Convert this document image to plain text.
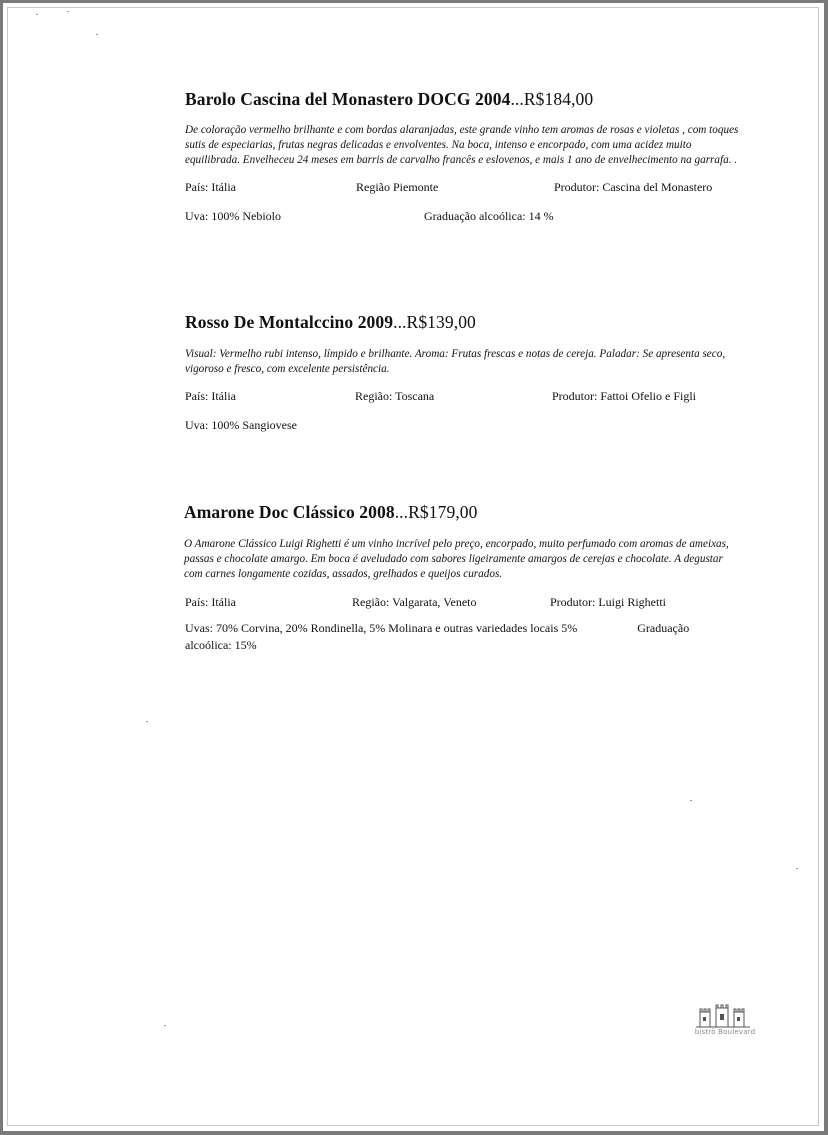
Barolo Cascina del Monastero DOCG 2004...R$184,00

De coloração vermelho brilhante e com bordas alaranjadas, este grande vinho tem aromas de rosas e violetas , com toques sutis de especiarias, frutas negras delicadas e envolventes. Na boca, intenso e encorpado, com uma acidez muito equilibrada. Envelheceu 24 meses em barris de carvalho francês e eslovenos, e mais 1 ano de envelhecimento na garrafa. .

País: Itália	Região Piemonte	Produtor: Cascina del Monastero
Uva: 100% Nebiolo	Graduação alcoólica: 14 %
Rosso De Montalccino 2009...R$139,00

Visual: Vermelho rubi intenso, límpido e brilhante. Aroma: Frutas frescas e notas de cereja. Paladar: Se apresenta seco, vigoroso e fresco, com excelente persistência.

País: Itália	Região: Toscana	Produtor: Fattoi Ofelio e Figli
Uva: 100% Sangiovese
Amarone Doc Clássico 2008...R$179,00

O Amarone Clássico Luigi Righetti é um vinho incrível pelo preço, encorpado, muito perfumado com aromas de ameixas, passas e chocolate amargo. Em boca é aveludado com sabores ligeiramente amargos de cerejas e chocolate. A degustar com carnes longamente cozidas, assados, grelhados e queijos curados.

País: Itália	Região: Valgarata, Veneto	Produtor: Luigi Righetti

Uvas: 70% Corvina, 20% Rondinella, 5% Molinara e outras variedades locais 5%                    Graduação alcoólica: 15%

bistrô Boulevard
